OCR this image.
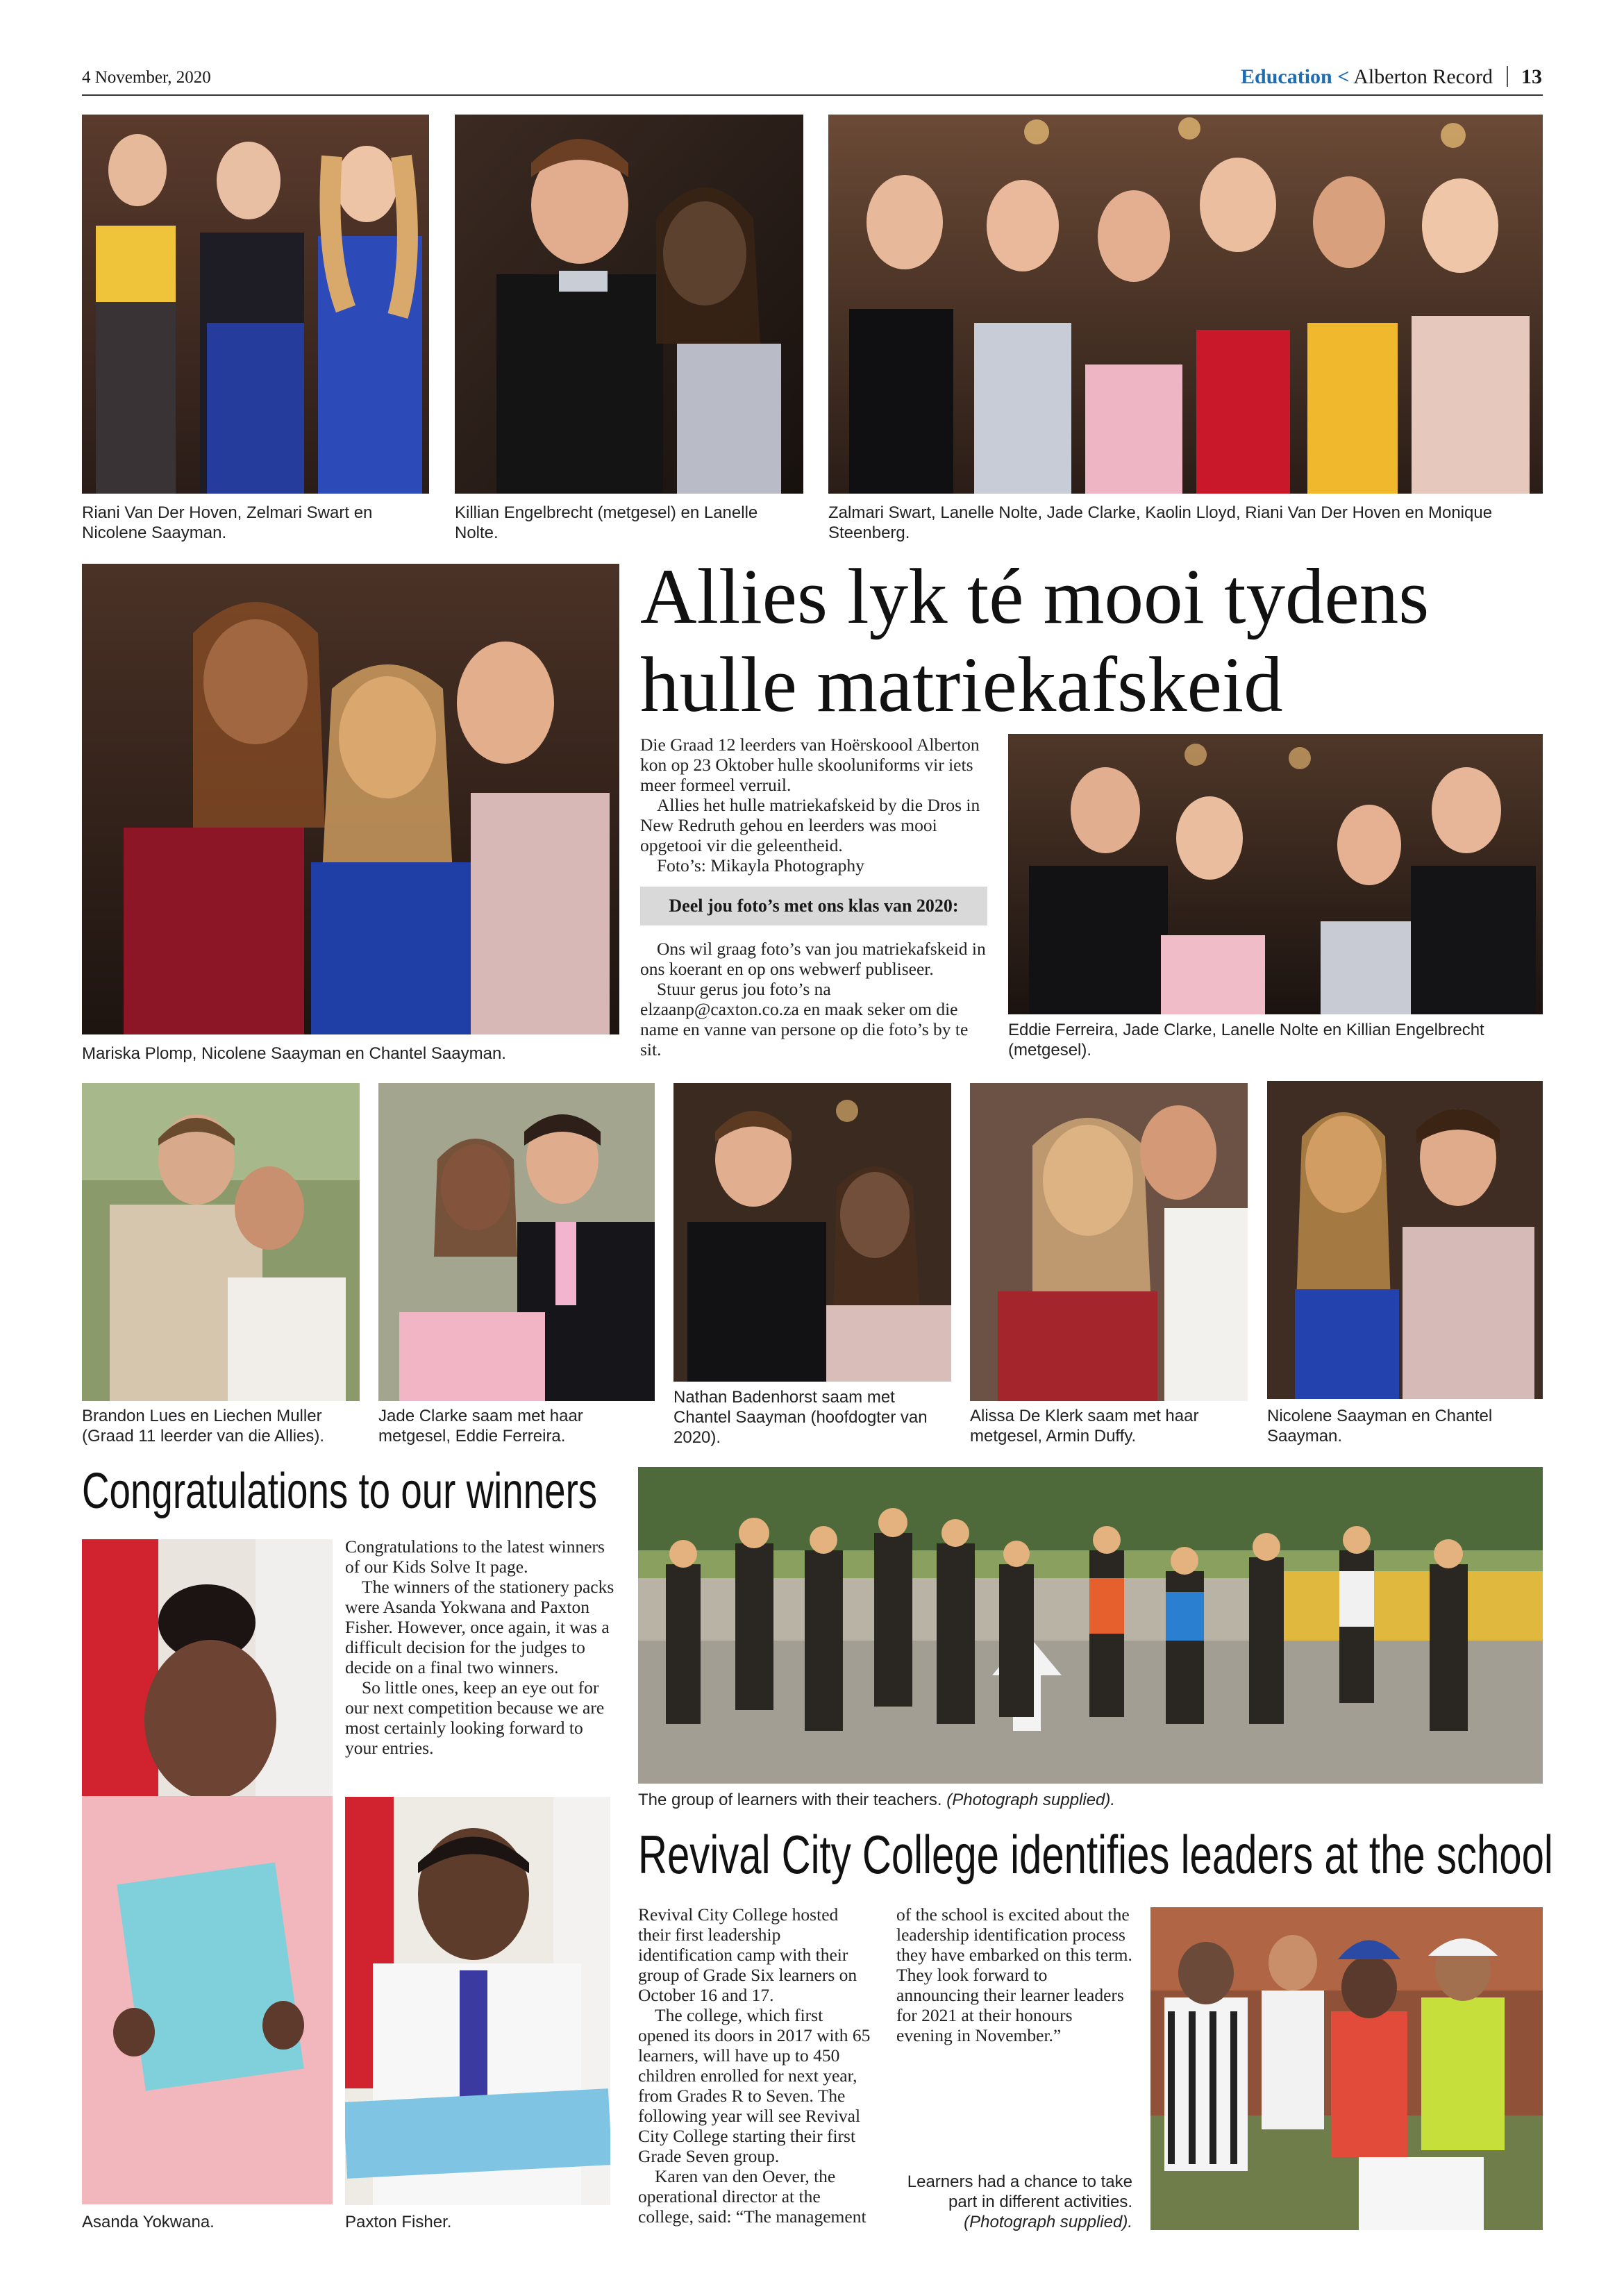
4 November, 2020	Education < Alberton Record 13
Riani Van Der Hoven, Zelmari Swart en Nicolene Saayman.
Killian Engelbrecht (metgesel) en Lanelle Nolte.
Zalmari Swart, Lanelle Nolte, Jade Clarke, Kaolin Lloyd, Riani Van Der Hoven en Monique Steenberg.
Mariska Plomp, Nicolene Saayman en Chantel Saayman.
Allies lyk té mooi tydens hulle matriekafskeid

Die Graad 12 leerders van Hoërskoool Alberton kon op 23 Oktober hulle skooluniforms vir iets meer formeel verruil.

Allies het hulle matriekafskeid by die Dros in New Redruth gehou en leerders was mooi opgetooi vir die geleentheid.

Foto’s: Mikayla Photography

Deel jou foto’s met ons klas van 2020:

Ons wil graag foto’s van jou matriekafskeid in ons koerant en op ons webwerf publiseer.

Stuur gerus jou foto’s na elzaanp@caxton.co.za en maak seker om die name en vanne van persone op die foto’s by te sit.

Eddie Ferreira, Jade Clarke, Lanelle Nolte en Killian Engelbrecht (metgesel).
Brandon Lues en Liechen Muller (Graad 11 leerder van die Allies).
Jade Clarke saam met haar metgesel, Eddie Ferreira.
Nathan Badenhorst saam met Chantel Saayman (hoofdogter van 2020).
Alissa De Klerk saam met haar metgesel, Armin Duffy.
Nicolene Saayman en Chantel Saayman.
Congratulations to our winners
Asanda Yokwana.

Congratulations to the latest winners of our Kids Solve It page.

The winners of the stationery packs were Asanda Yokwana and Paxton Fisher. However, once again, it was a difficult decision for the judges to decide on a final two winners.

So little ones, keep an eye out for our next competition because we are most certainly looking forward to your entries.

Paxton Fisher.
The group of learners with their teachers. (Photograph supplied).
Revival City College identifies leaders at the school

Revival City College hosted their first leadership identification camp with their group of Grade Six learners on October 16 and 17.

The college, which first opened its doors in 2017 with 65 learners, will have up to 450 children enrolled for next year, from Grades R to Seven. The following year will see Revival City College starting their first Grade Seven group.

Karen van den Oever, the operational director at the college, said: “The management

of the school is excited about the leadership identification process they have embarked on this term. They look forward to announcing their learner leaders for 2021 at their honours evening in November.”

Learners had a chance to take part in different activities.
(Photograph supplied).
